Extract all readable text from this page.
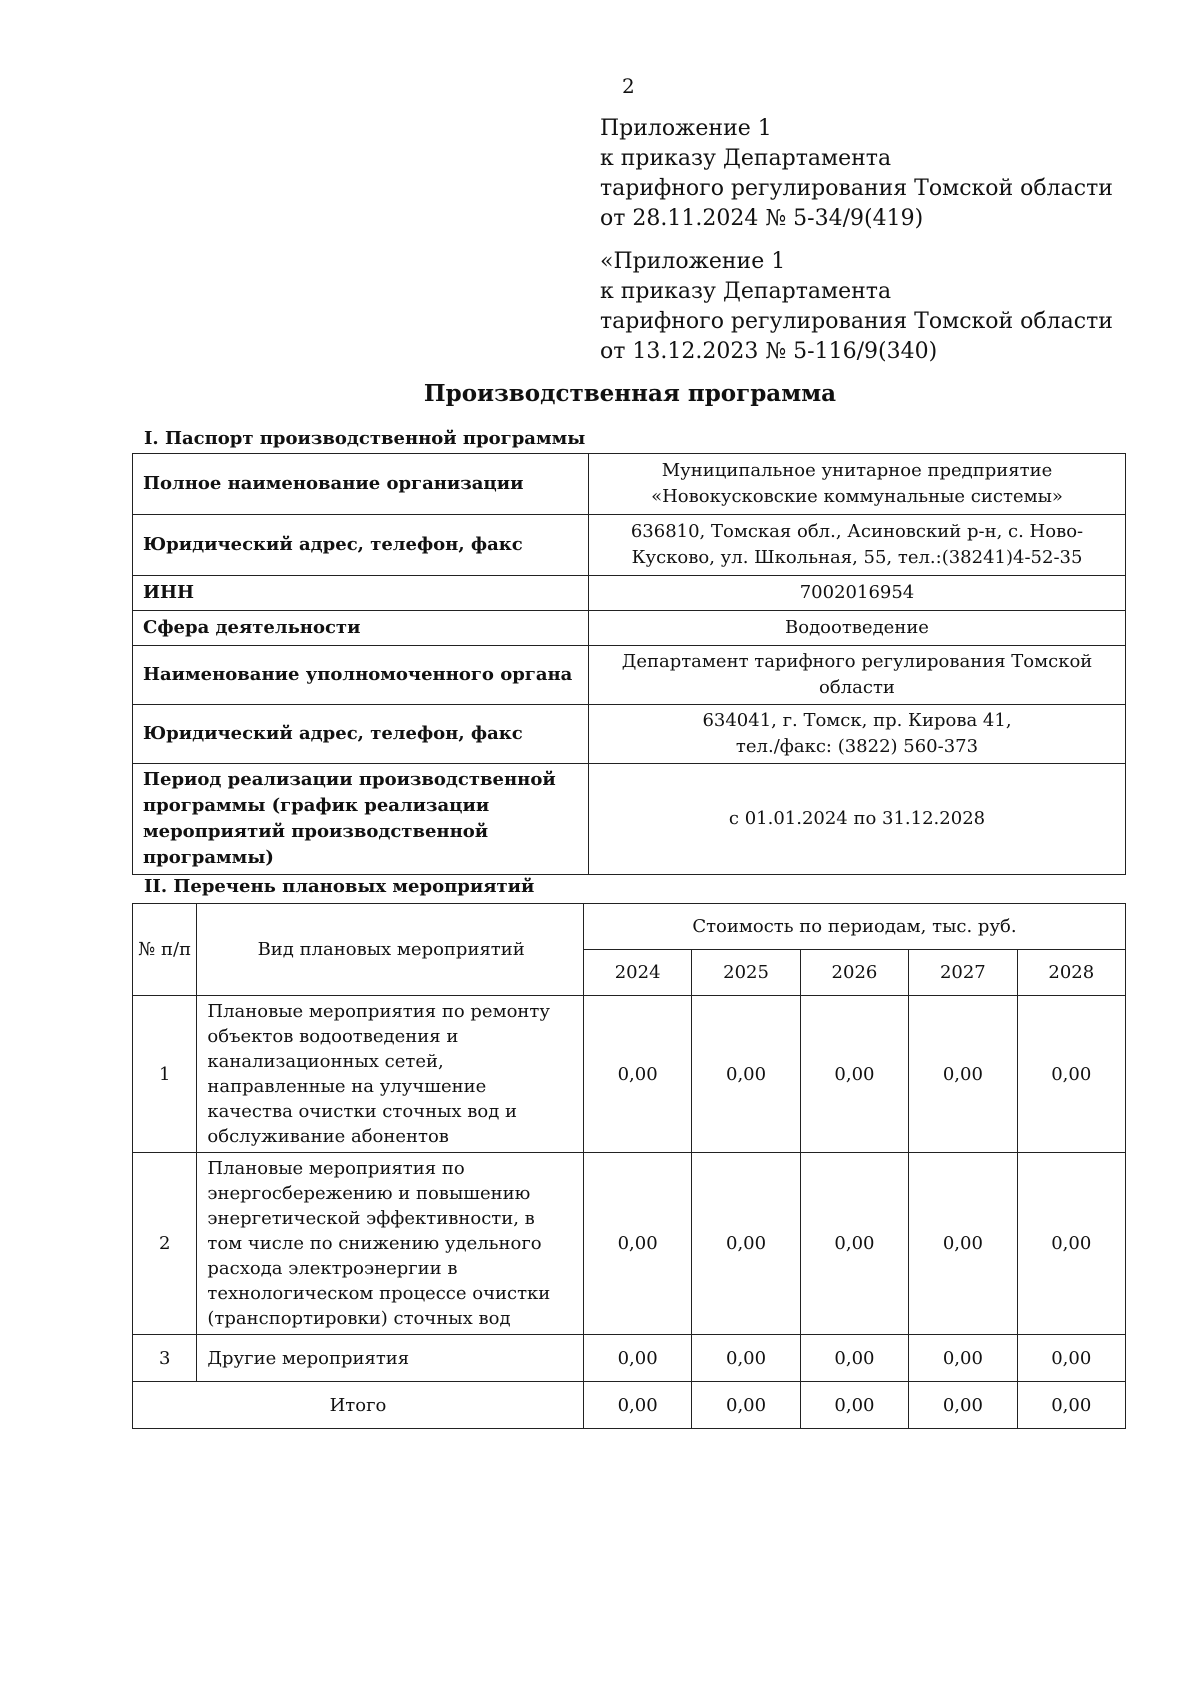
2
Приложение 1
к приказу Департамента
тарифного регулирования Томской области
от 28.11.2024 № 5-34/9(419)
«Приложение 1
к приказу Департамента
тарифного регулирования Томской области
от 13.12.2023 № 5-116/9(340)
Производственная программа
I. Паспорт производственной программы
Полное наименование организации	Муниципальное унитарное предприятие
«Новокусковские коммунальные системы»

Юридический адрес, телефон, факс	636810, Томская обл., Асиновский р-н, с. Ново-
Кусково, ул. Школьная, 55, тел.:(38241)4-52-35

ИНН	7002016954

Сфера деятельности	Водоотведение

Наименование уполномоченного органа	Департамент тарифного регулирования Томской
области

Юридический адрес, телефон, факс	634041, г. Томск, пр. Кирова 41,
тел./факс: (3822) 560-373

Период реализации производственной программы (график реализации мероприятий производственной программы)	с 01.01.2024 по 31.12.2028
II. Перечень плановых мероприятий
№ п/п	Вид плановых мероприятий	Стоимость по периодам, тыс. руб.				
		2024	2025	2026	2027	2028
1	Плановые мероприятия по ремонту объектов водоотведения и канализационных сетей, направленные на улучшение качества очистки сточных вод и обслуживание абонентов	0,00	0,00	0,00	0,00	0,00
2	Плановые мероприятия по энергосбережению и повышению энергетической эффективности, в том числе по снижению удельного расхода электроэнергии в технологическом процессе очистки (транспортировки) сточных вод	0,00	0,00	0,00	0,00	0,00
3	Другие мероприятия	0,00	0,00	0,00	0,00	0,00
Итого		0,00	0,00	0,00	0,00	0,00
